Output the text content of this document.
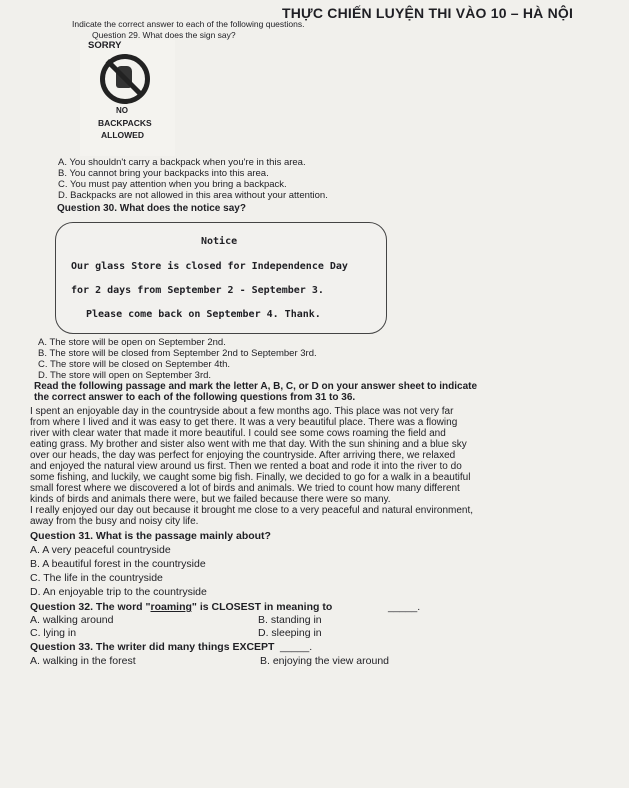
THỰC CHIẾN LUYỆN THI VÀO 10 – HÀ NỘI
Indicate the correct answer to each of the following questions.
Question 29. What does the sign say?
SORRY
NO
BACKPACKS
ALLOWED
A. You shouldn't carry a backpack when you're in this area.
B. You cannot bring your backpacks into this area.
C. You must pay attention when you bring a backpack.
D. Backpacks are not allowed in this area without your attention.
Question 30. What does the notice say?
Notice
Our glass Store is closed for Independence Day
for 2 days from September 2 - September 3.
Please come back on September 4. Thank.
A. The store will be open on September 2nd.
B. The store will be closed from September 2nd to September 3rd.
C. The store will be closed on September 4th.
D. The store will open on September 3rd.
Read the following passage and mark the letter A, B, C, or D on your answer sheet to indicate
the correct answer to each of the following questions from 31 to 36.
I spent an enjoyable day in the countryside about a few months ago. This place was not very far
from where I lived and it was easy to get there. It was a very beautiful place. There was a flowing
river with clear water that made it more beautiful. I could see some cows roaming the field and
eating grass. My brother and sister also went with me that day. With the sun shining and a blue sky
over our heads, the day was perfect for enjoying the countryside. After arriving there, we relaxed
and enjoyed the natural view around us first. Then we rented a boat and rode it into the river to do
some fishing, and luckily, we caught some big fish. Finally, we decided to go for a walk in a beautiful
small forest where we discovered a lot of birds and animals. We tried to count how many different
kinds of birds and animals there were, but we failed because there were so many.
I really enjoyed our day out because it brought me close to a very peaceful and natural environment,
away from the busy and noisy city life.
Question 31. What is the passage mainly about?
A. A very peaceful countryside
B. A beautiful forest in the countryside
C. The life in the countryside
D. An enjoyable trip to the countryside
Question 32. The word "roaming" is CLOSEST in meaning to	_____.
A. walking around	B. standing in
C. lying in	D. sleeping in
Question 33. The writer did many things EXCEPT _____.
A. walking in the forest	B. enjoying the view around
